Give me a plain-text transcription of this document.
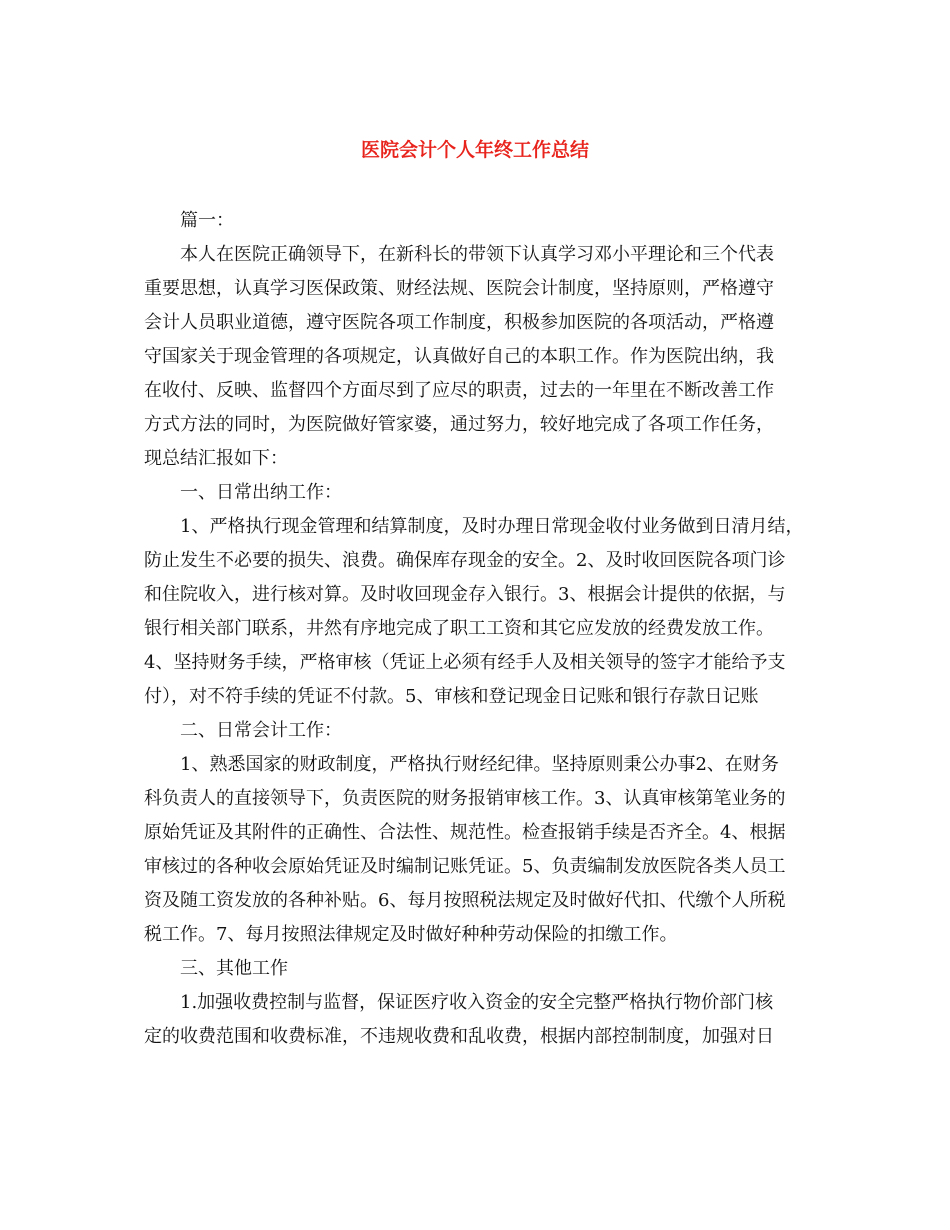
医院会计个人年终工作总结

篇一：

本人在医院正确领导下，在新科长的带领下认真学习邓小平理论和三个代表

重要思想，认真学习医保政策、财经法规、医院会计制度，坚持原则，严格遵守

会计人员职业道德，遵守医院各项工作制度，积极参加医院的各项活动，严格遵

守国家关于现金管理的各项规定，认真做好自己的本职工作。作为医院出纳，我

在收付、反映、监督四个方面尽到了应尽的职责，过去的一年里在不断改善工作

方式方法的同时，为医院做好管家婆，通过努力，较好地完成了各项工作任务，

现总结汇报如下：

一、日常出纳工作：

1、严格执行现金管理和结算制度，及时办理日常现金收付业务做到日清月结，

防止发生不必要的损失、浪费。确保库存现金的安全。2、及时收回医院各项门诊

和住院收入，进行核对算。及时收回现金存入银行。3、根据会计提供的依据，与

银行相关部门联系，井然有序地完成了职工工资和其它应发放的经费发放工作。

4、坚持财务手续，严格审核（凭证上必须有经手人及相关领导的签字才能给予支

付），对不符手续的凭证不付款。5、审核和登记现金日记账和银行存款日记账

二、日常会计工作：

1、熟悉国家的财政制度，严格执行财经纪律。坚持原则秉公办事2、在财务

科负责人的直接领导下，负责医院的财务报销审核工作。3、认真审核第笔业务的

原始凭证及其附件的正确性、合法性、规范性。检查报销手续是否齐全。4、根据

审核过的各种收会原始凭证及时编制记账凭证。5、负责编制发放医院各类人员工

资及随工资发放的各种补贴。6、每月按照税法规定及时做好代扣、代缴个人所税

税工作。7、每月按照法律规定及时做好种种劳动保险的扣缴工作。

三、其他工作

1.加强收费控制与监督，保证医疗收入资金的安全完整严格执行物价部门核

定的收费范围和收费标准，不违规收费和乱收费，根据内部控制制度，加强对日
